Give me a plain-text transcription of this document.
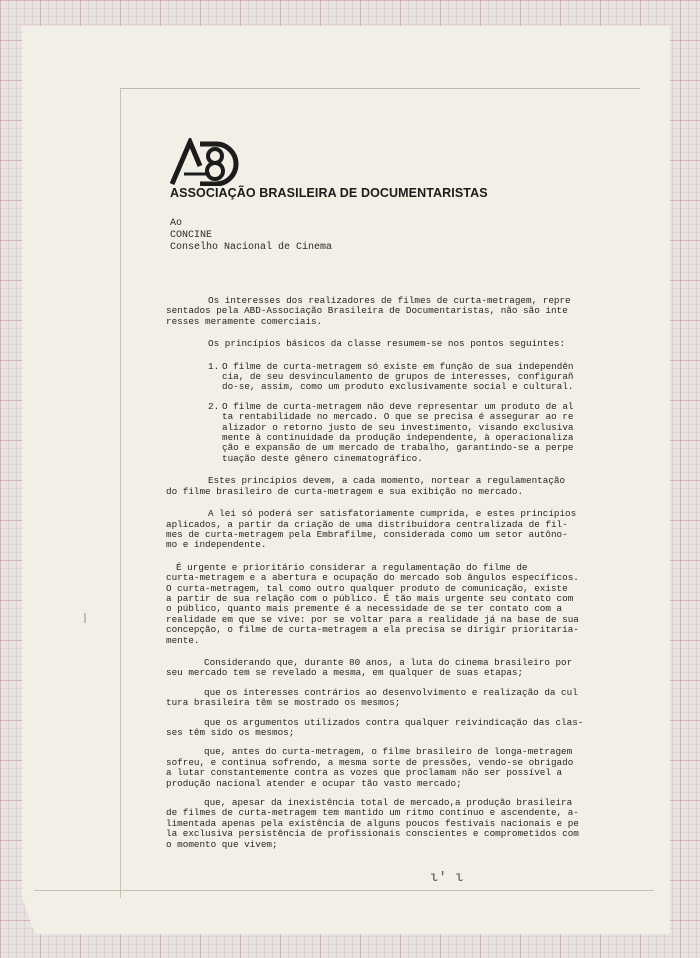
ASSOCIAÇÃO BRASILEIRA DE DOCUMENTARISTAS
Ao
CONCINE
Conselho Nacional de Cinema

Os interesses dos realizadores de filmes de curta-metragem, repre

sentados pela ABD-Associação Brasileira de Documentaristas, não são inte

resses meramente comerciais.

Os princípios básicos da classe resumem-se nos pontos seguintes:

1. O filme de curta-metragem só existe em função de sua independên

cia, de seu desvinculamento de grupos de interesses, configurañ

do-se, assim, como um produto exclusivamente social e cultural.

2. O filme de curta-metragem não deve representar um produto de al

ta rentabilidade no mercado. O que se precisa é assegurar ao re

alizador o retorno justo de seu investimento, visando exclusiva

mente à continuidade da produção independente, à operacionaliza

ção e expansão de um mercado de trabalho, garantindo-se a perpe

tuação deste gênero cinematográfico.

Estes princípios devem, a cada momento, nortear a regulamentação

do filme brasileiro de curta-metragem e sua exibição no mercado.

A lei só poderá ser satisfatoriamente cumprida, e estes princípios

aplicados, a partir da criação de uma distribuidora centralizada de fil-

mes de curta-metragem pela Embrafilme, considerada como um setor autôno-

mo e independente.

É urgente e prioritário considerar a regulamentação do filme de

curta-metragem e a abertura e ocupação do mercado sob ângulos específicos.

O curta-metragem, tal como outro qualquer produto de comunicação, existe

a partir de sua relação com o público. É tão mais urgente seu contato com

o público, quanto mais premente é a necessidade de se ter contato com a

realidade em que se vive: por se voltar para a realidade já na base de sua

concepção, o filme de curta-metragem a ela precisa se dirigir prioritaria-

mente.

Considerando que, durante 80 anos, a luta do cinema brasileiro por

seu mercado tem se revelado a mesma, em qualquer de suas etapas;

que os interesses contrários ao desenvolvimento e realização da cul

tura brasileira têm se mostrado os mesmos;

que os argumentos utilizados contra qualquer reivindicação das clas-

ses têm sido os mesmos;

que, antes do curta-metragem, o filme brasileiro de longa-metragem

sofreu, e continua sofrendo, a mesma sorte de pressões, vendo-se obrigado

a lutar constantemente contra as vozes que proclamam não ser possível a

produção nacional atender e ocupar tão vasto mercado;

que, apesar da inexistência total de mercado,a produção brasileira

de filmes de curta-metragem tem mantido um ritmo contínuo e ascendente, a-

limentada apenas pela existência de alguns poucos festivais nacionais e pe

la exclusiva persistência de profissionais conscientes e comprometidos com

o momento que vivem;

ι' ι
/
